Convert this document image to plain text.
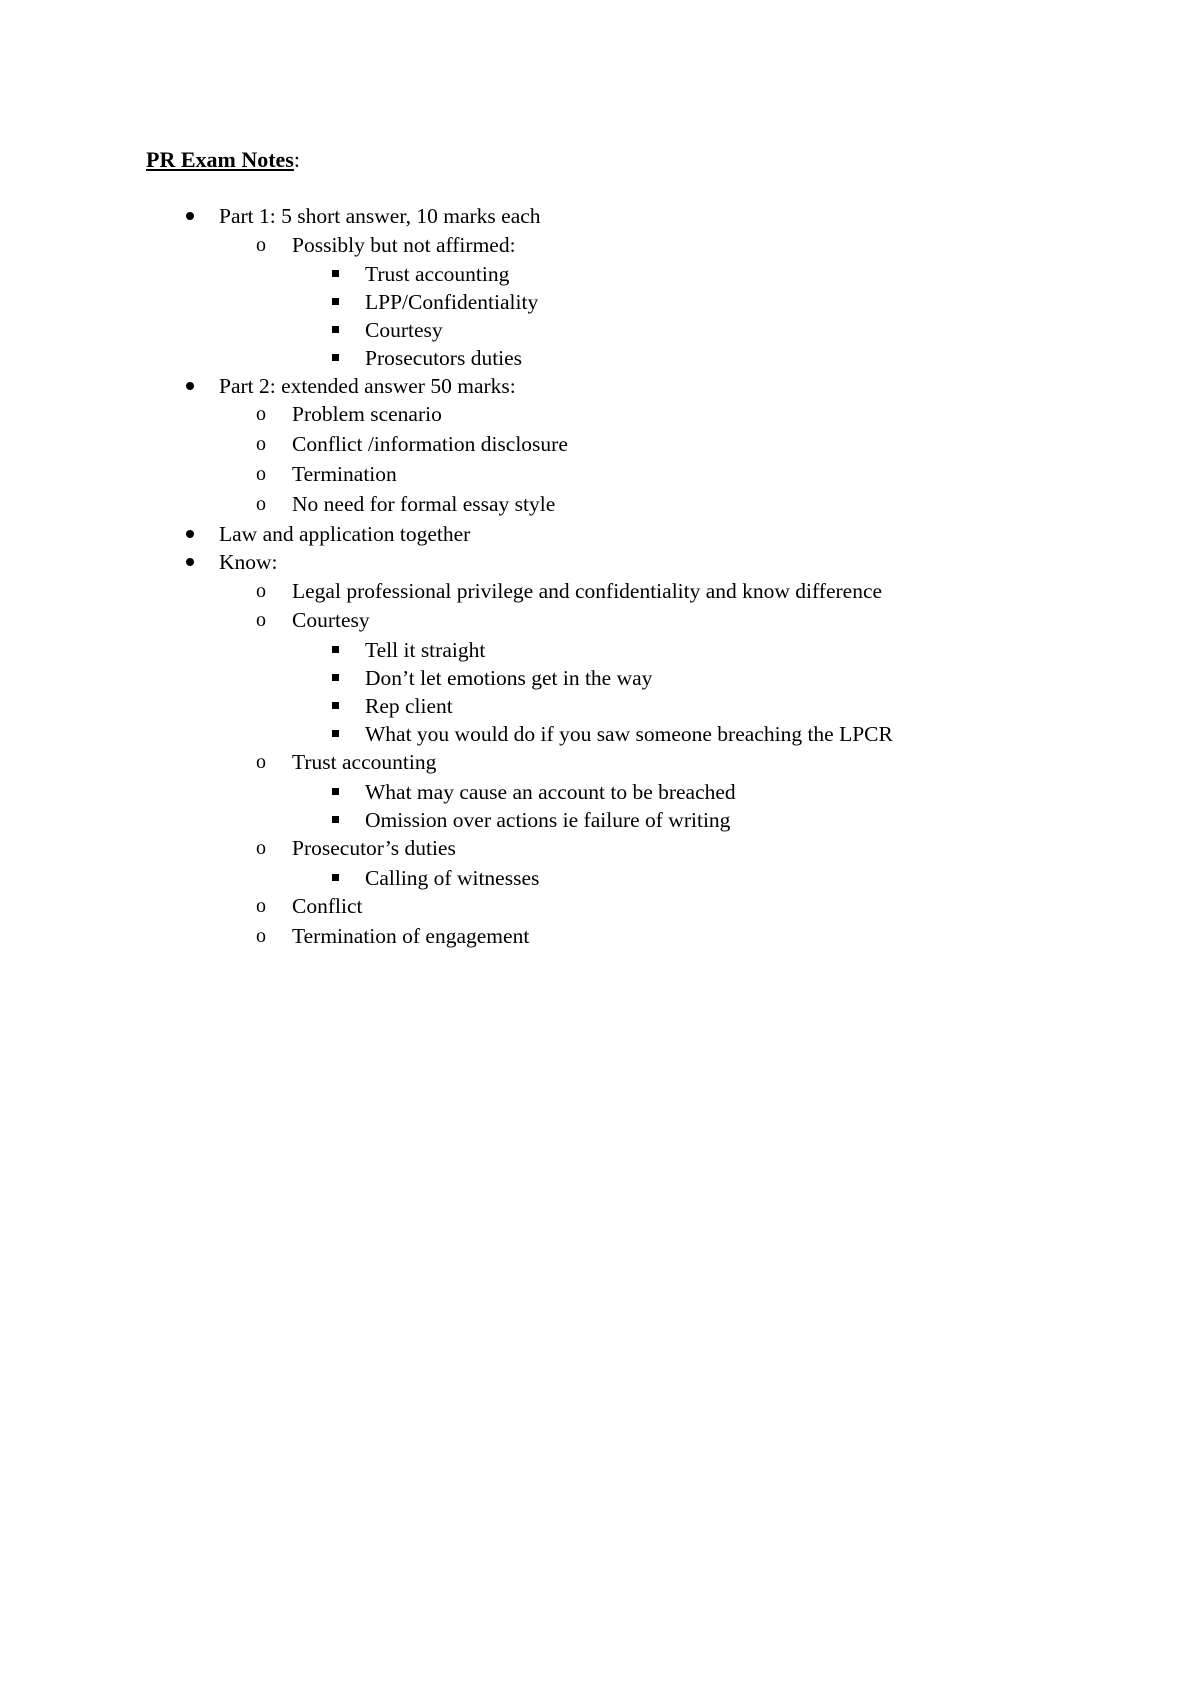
PR Exam Notes:
Part 1: 5 short answer, 10 marks each
o Possibly but not affirmed:
Trust accounting
LPP/Confidentiality
Courtesy
Prosecutors duties
Part 2: extended answer 50 marks:
o Problem scenario
o Conflict /information disclosure
o Termination
o No need for formal essay style
Law and application together
Know:
o Legal professional privilege and confidentiality and know difference
o Courtesy
Tell it straight
Don’t let emotions get in the way
Rep client
What you would do if you saw someone breaching the LPCR
o Trust accounting
What may cause an account to be breached
Omission over actions ie failure of writing
o Prosecutor’s duties
Calling of witnesses
o Conflict
o Termination of engagement
